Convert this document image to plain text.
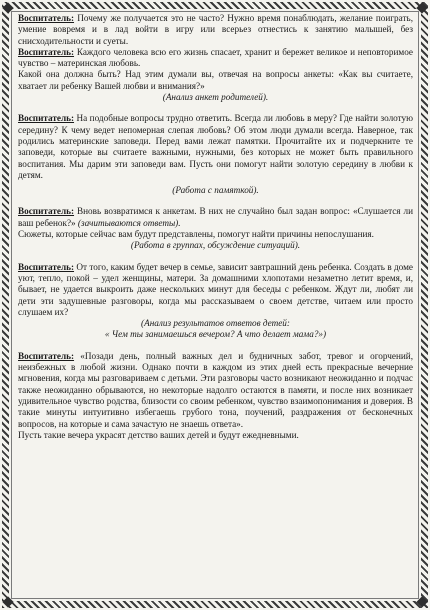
Воспитатель: Почему же получается это не часто? Нужно время понаблюдать, желание поиграть, умение вовремя и в лад войти в игру или всерьез отнестись к занятию малышей, без снисходительности и суеты.

Воспитатель: Каждого человека всю его жизнь спасает, хранит и бережет великое и неповторимое чувство – материнская любовь.

Какой она должна быть? Над этим думали вы, отвечая на вопросы анкеты: «Как вы считаете, хватает ли ребенку Вашей любви и внимания?»

(Анализ анкет родителей).

Воспитатель: На подобные вопросы трудно ответить. Всегда ли любовь в меру? Где найти золотую середину? К чему ведет непомерная слепая любовь? Об этом люди думали всегда. Наверное, так родились материнские заповеди. Перед вами лежат памятки. Прочитайте их и подчеркните те заповеди, которые вы считаете важными, нужными, без которых не может быть правильного воспитания. Мы дарим эти заповеди вам. Пусть они помогут найти золотую середину в любви к детям.

(Работа с памяткой).

Воспитатель: Вновь возвратимся к анкетам. В них не случайно был задан вопрос: «Слушается ли ваш ребенок?» (зачитываются ответы).

Сюжеты, которые сейчас вам будут представлены, помогут найти причины непослушания.

(Работа в группах, обсуждение ситуаций).

Воспитатель: От того, каким будет вечер в семье, зависит завтрашний день ребенка. Создать в доме уют, тепло, покой – удел женщины, матери. За домашними хлопотами незаметно летит время, и, бывает, не удается выкроить даже нескольких минут для беседы с ребенком. Ждут ли, любят ли дети эти задушевные разговоры, когда мы рассказываем о своем детстве, читаем или просто слушаем их?

(Анализ результатов ответов детей:

« Чем ты занимаешься вечером? А что делает мама?»)

Воспитатель: «Позади день, полный важных дел и будничных забот, тревог и огорчений, неизбежных в любой жизни. Однако почти в каждом из этих дней есть прекрасные вечерние мгновения, когда мы разговариваем с детьми. Эти разговоры часто возникают неожиданно и подчас также неожиданно обрываются, но некоторые надолго остаются в памяти, и после них возникает удивительное чувство родства, близости со своим ребенком, чувство взаимопонимания и доверия. В такие минуты интуитивно избегаешь грубого тона, поучений, раздражения от бесконечных вопросов, на которые и сама зачастую не знаешь ответа».

Пусть такие вечера украсят детство ваших детей и будут ежедневными.
